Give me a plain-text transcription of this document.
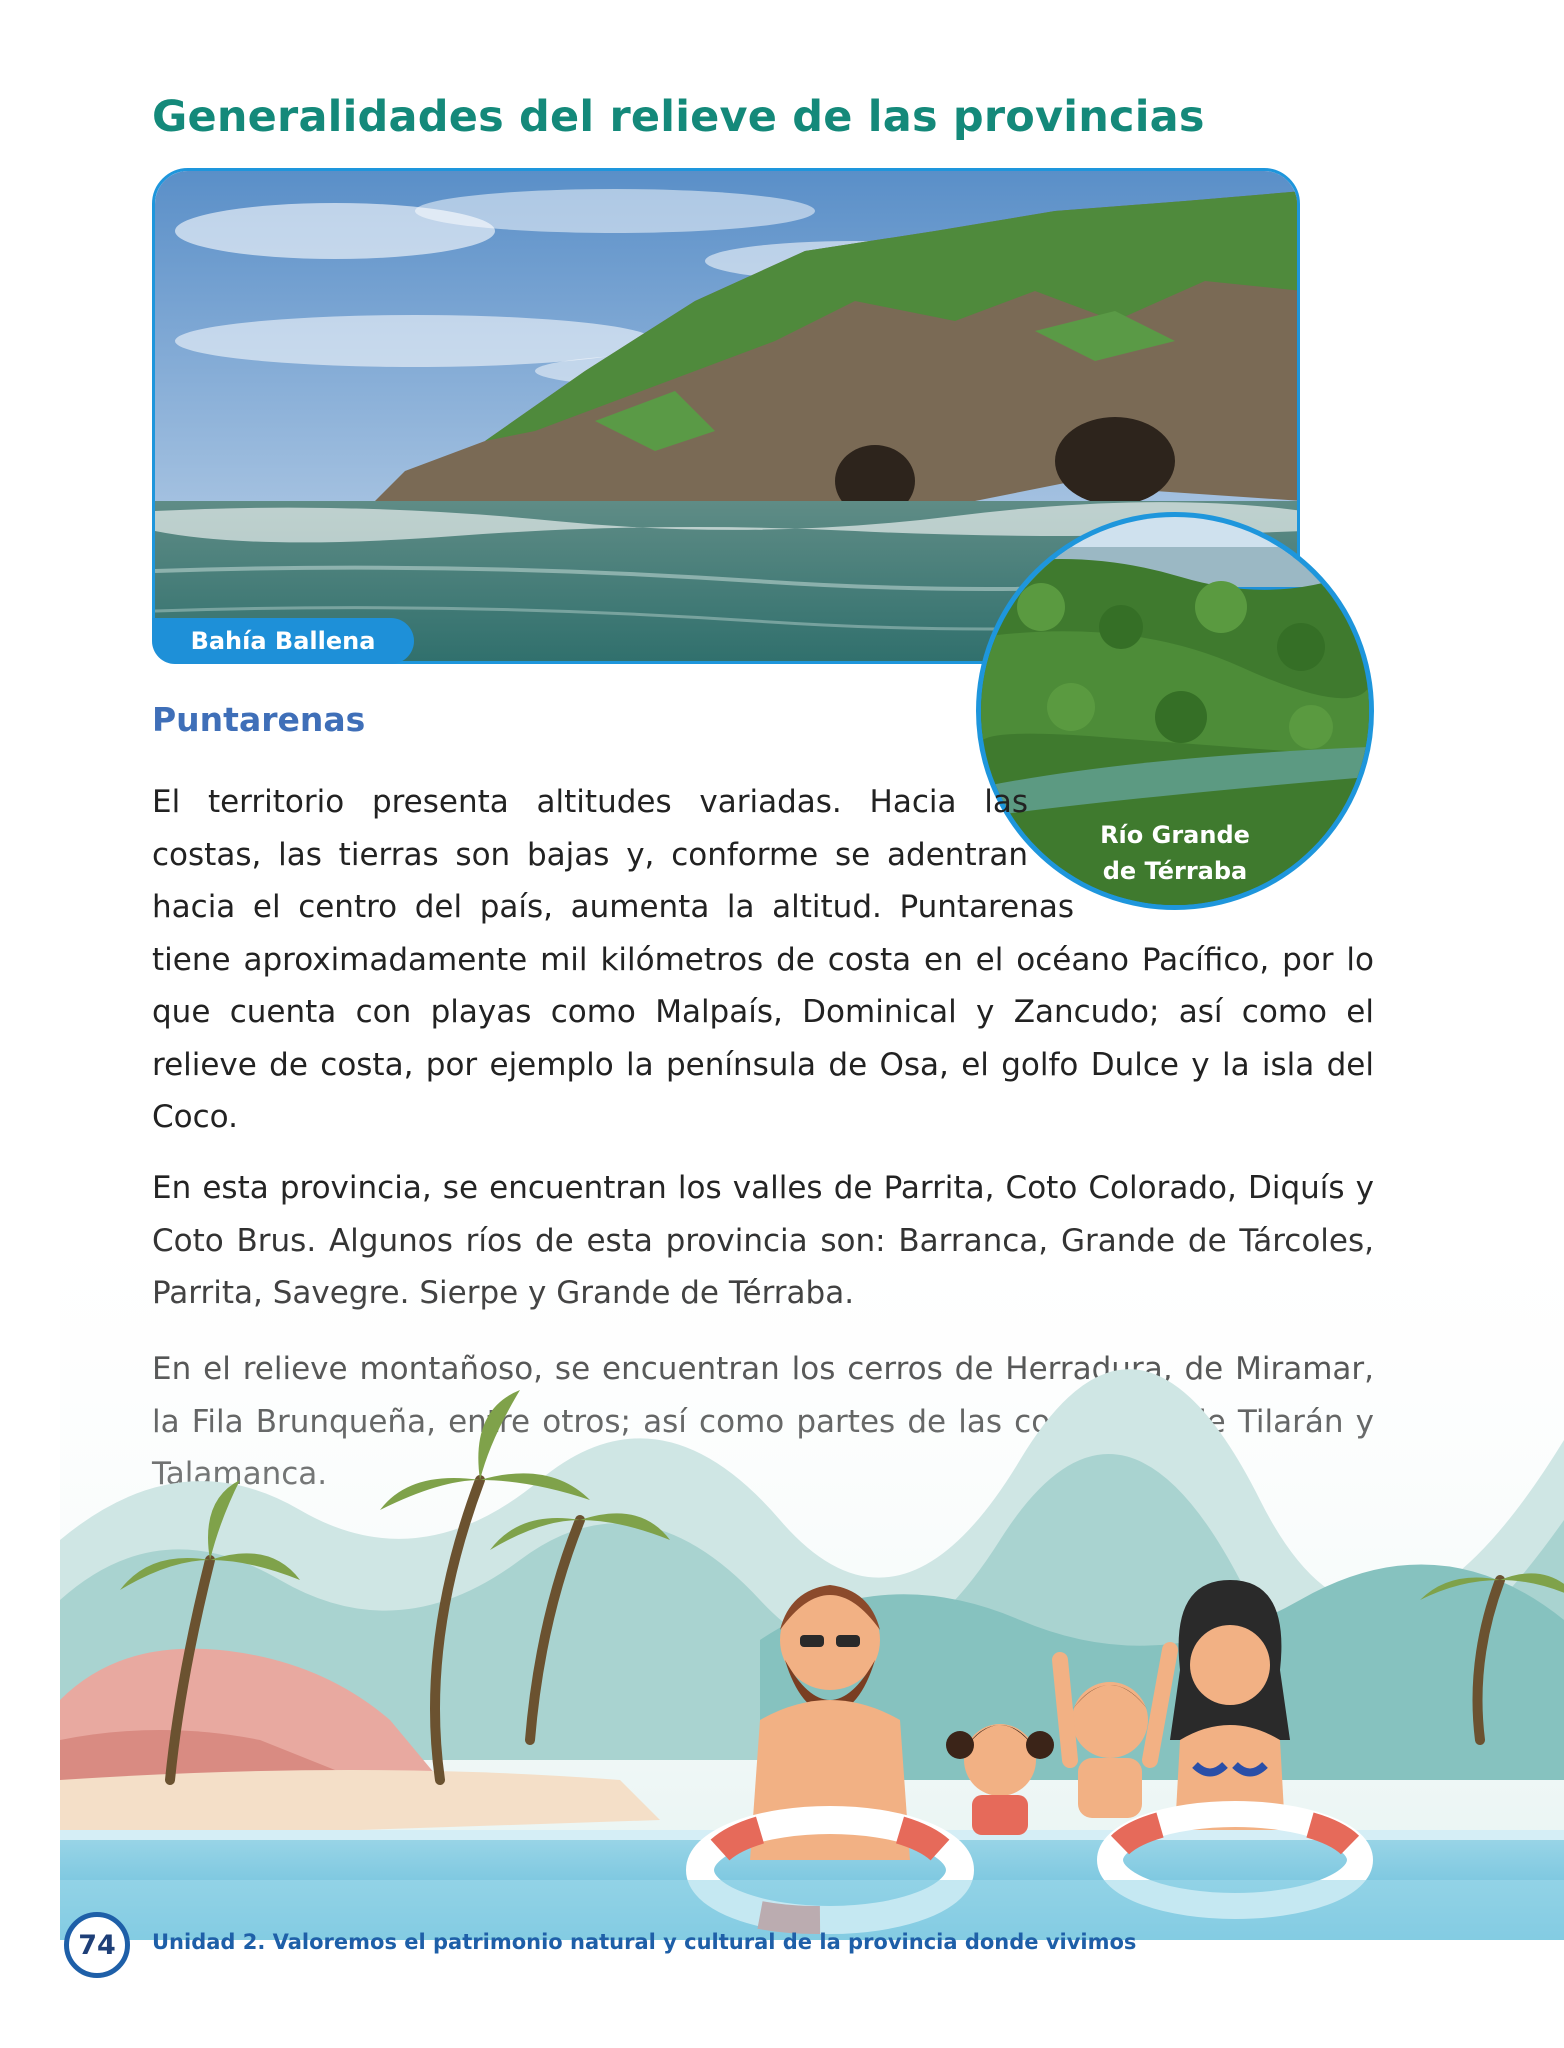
Generalidades del relieve de las provincias
Bahía Ballena
Río Grande
de Térraba
Puntarenas

El territorio presenta altitudes variadas. Hacia las costas, las tierras son bajas y, conforme se adentran hacia el centro del país, aumenta la altitud. Puntarenas tiene aproximadamente mil kilómetros de costa en el océano Pacífico, por lo que cuenta con playas como Malpaís, Dominical y Zancudo; así como el relieve de costa, por ejemplo la península de Osa, el golfo Dulce y la isla del Coco.

74	Unidad 2. Valoremos el patrimonio natural y cultural de la provincia donde vivimos
